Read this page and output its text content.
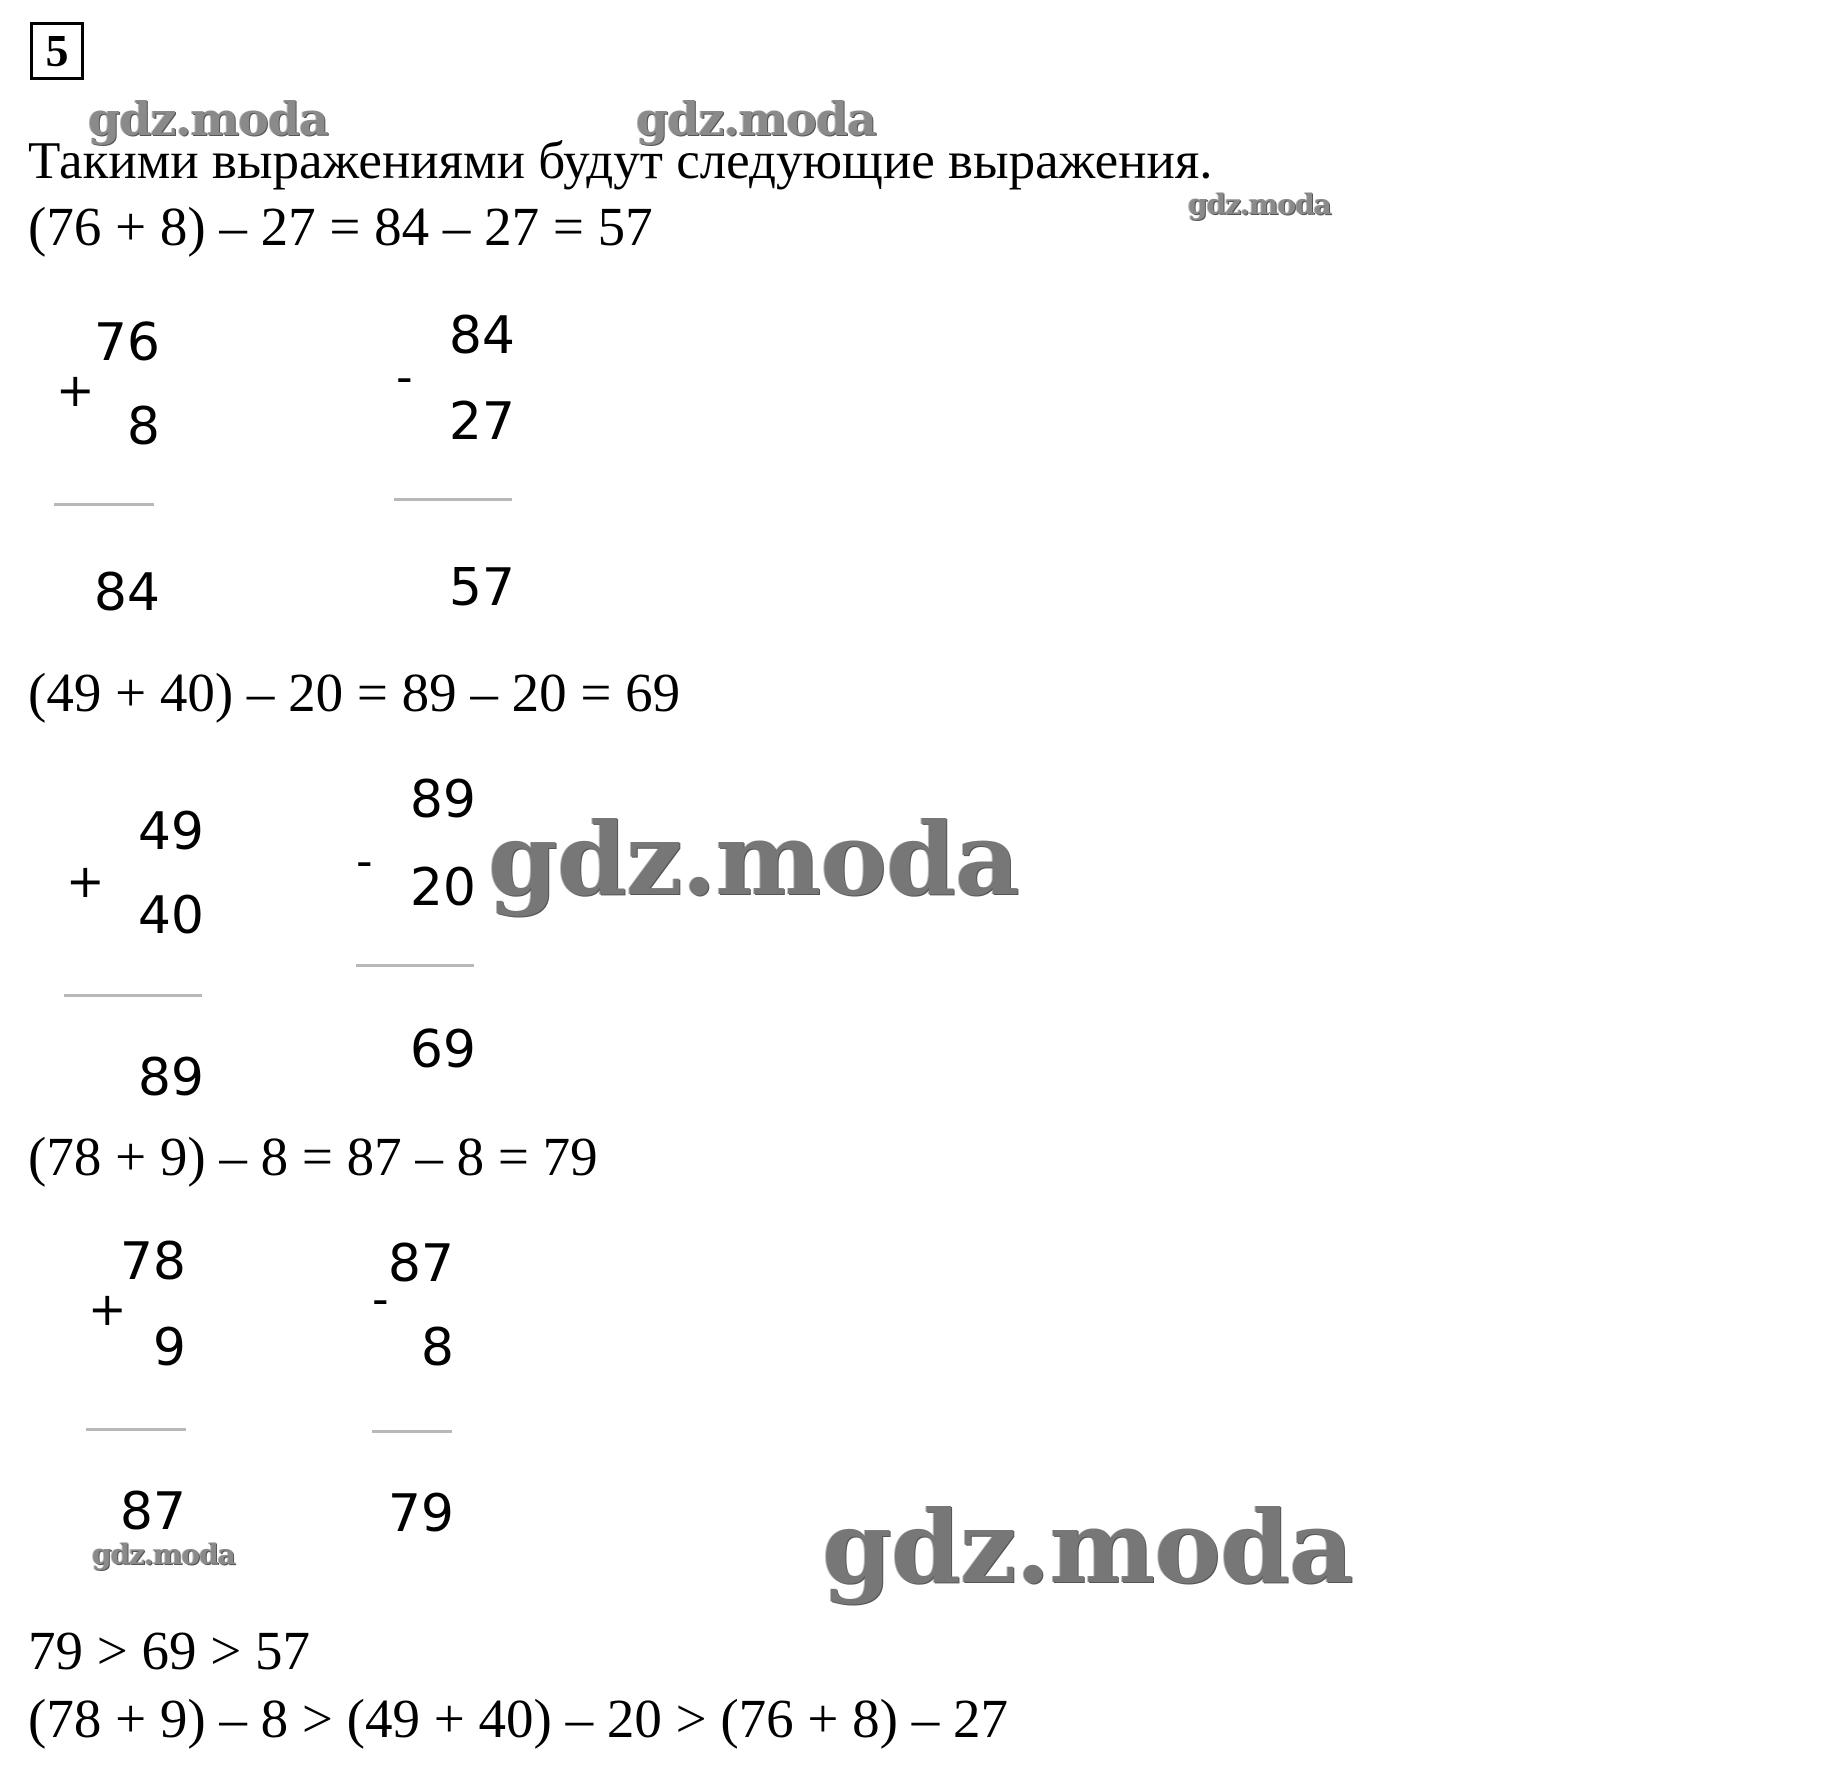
5
gdz.moda	gdz.moda
gdz.moda
gdz.moda
gdz.moda	gdz.moda
Такими выражениями будут следующие выражения.
(76 + 8) – 27 = 84 – 27 = 57
+
76
8
84
-
84
27
57
(49 + 40) – 20 = 89 – 20 = 69
+
49
40
89
-
89
20
69
(78 + 9) – 8 = 87 – 8 = 79
+
78
9
87
-
87
8
79
79 > 69 > 57
(78 + 9) – 8 > (49 + 40) – 20 > (76 + 8) – 27
